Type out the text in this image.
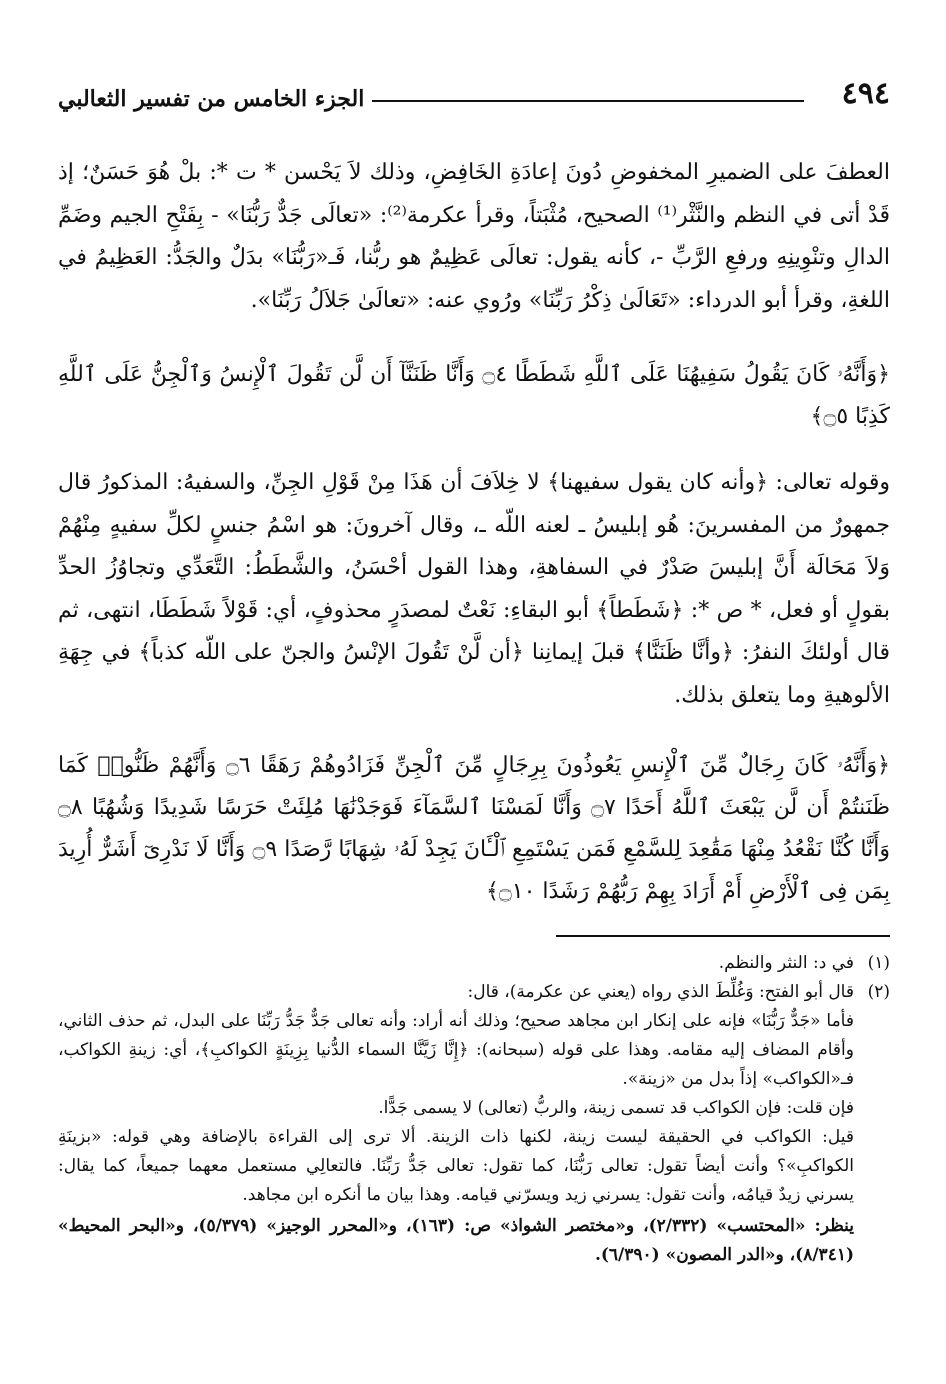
٤٩٤
الجزء الخامس من تفسير الثعالبي

العطفَ على الضميرِ المخفوضِ دُونَ إعادَةِ الخَافِضِ، وذلك لاَ يَحْسن * ت *: بلْ هُوَ حَسَنٌ؛ إذ قَدْ أتى في النظم والنَّثْر⁽¹⁾ الصحيح، مُثْبَتاً، وقرأ عكرمة⁽²⁾: «تعالَى جَدٌّ رَبُّنَا» - بِفَتْحِ الجيم وضَمِّ الدالِ وتنْوِينِهِ ورفعِ الرَّبِّ -، كأنه يقول: تعالَى عَظِيمٌ هو ربُّنا، فَـ«رَبُّنَا» بدَلٌ والجَدُّ: العَظِيمُ في اللغةِ، وقرأ أبو الدرداء: «تَعَالَىٰ ذِكْرُ رَبِّنَا» ورُوي عنه: «تعالَىٰ جَلاَلُ رَبِّنَا».

﴿وَأَنَّهُۥ كَانَ يَقُولُ سَفِيهُنَا عَلَى ٱللَّهِ شَطَطًا ۝٤ وَأَنَّا ظَنَنَّآ أَن لَّن تَقُولَ ٱلْإِنسُ وَٱلْجِنُّ عَلَى ٱللَّهِ كَذِبًا ۝٥﴾

وقوله تعالى: ﴿وأنه كان يقول سفيهنا﴾ لا خِلاَفَ أن هَذَا مِنْ قَوْلِ الجِنِّ، والسفيهُ: المذكورُ قال جمهورٌ من المفسرينَ: هُو إبليسُ ـ لعنه اللّه ـ، وقال آخرونَ: هو اسْمُ جنسٍ لكلِّ سفيهٍ مِنْهُمْ وَلاَ مَحَالَة أَنَّ إبليسَ صَدْرٌ في السفاهةِ، وهذا القول أحْسَنُ، والشَّطَطُ: التَّعَدِّي وتجاوُزُ الحدِّ بقولٍ أو فعل، * ص *: ﴿شَطَطاً﴾ أبو البقاءِ: نَعْتٌ لمصدَرٍ محذوفٍ، أي: قَوْلاً شَطَطَا، انتهى، ثم قال أولئكَ النفرُ: ﴿وأنَّا ظَنَنَّا﴾ قبلَ إيمانِنا ﴿أن لَّنْ تَقُولَ الإنْسُ والجنّ على اللّه كذباً﴾ في جِهَةِ الألوهيةِ وما يتعلق بذلك.

﴿وَأَنَّهُۥ كَانَ رِجَالٌ مِّنَ ٱلْإِنسِ يَعُوذُونَ بِرِجَالٍ مِّنَ ٱلْجِنِّ فَزَادُوهُمْ رَهَقًا ۝٦ وَأَنَّهُمْ ظَنُّوا۟ كَمَا ظَنَنتُمْ أَن لَّن يَبْعَثَ ٱللَّهُ أَحَدًا ۝٧ وَأَنَّا لَمَسْنَا ٱلسَّمَآءَ فَوَجَدْنَٰهَا مُلِئَتْ حَرَسًا شَدِيدًا وَشُهُبًا ۝٨ وَأَنَّا كُنَّا نَقْعُدُ مِنْهَا مَقَٰعِدَ لِلسَّمْعِ فَمَن يَسْتَمِعِ ٱلْـَٔانَ يَجِدْ لَهُۥ شِهَابًا رَّصَدًا ۝٩ وَأَنَّا لَا نَدْرِىٓ أَشَرٌّ أُرِيدَ بِمَن فِى ٱلْأَرْضِ أَمْ أَرَادَ بِهِمْ رَبُّهُمْ رَشَدًا ۝١٠﴾

(١)
في د: النثر والنظم.
(٢)
قال أبو الفتح: وَغُلِّطَ الذي رواه (يعني عن عكرمة)، قال:
فأما «جَدٌّ رَبُّنَا» فإنه على إنكار ابن مجاهد صحيح؛ وذلك أنه أراد: وأنه تعالى جَدٌّ جَدُّ رَبِّنَا على البدل، ثم حذف الثاني، وأقام المضاف إليه مقامه. وهذا على قوله (سبحانه): ﴿إِنَّا زَيَّنَّا السماء الدُّنيا بِزِينَةٍ الكواكبِ﴾، أي: زينةِ الكواكب، فـ«الكواكب» إذاً بدل من «زينة».
فإن قلت: فإن الكواكب قد تسمى زينة، والربُّ (تعالى) لا يسمى جَدًّا.
قيل: الكواكب في الحقيقة ليست زينة، لكنها ذات الزينة. ألا ترى إلى القراءة بالإضافة وهي قوله: «بزينَةِ الكواكبِ»؟ وأنت أيضاً تقول: تعالى رَبُّنَا، كما تقول: تعالى جَدُّ رَبِّنَا. فالتعالِي مستعمل معهما جميعاً، كما يقال: يسرني زيدٌ قيامُه، وأنت تقول: يسرني زيد ويسرّني قيامه. وهذا بيان ما أنكره ابن مجاهد.
ينظر: «المحتسب» (٢/٣٣٢)، و«مختصر الشواذ» ص: (١٦٣)، و«المحرر الوجيز» (٥/٣٧٩)، و«البحر المحيط» (٨/٣٤١)، و«الدر المصون» (٦/٣٩٠).
